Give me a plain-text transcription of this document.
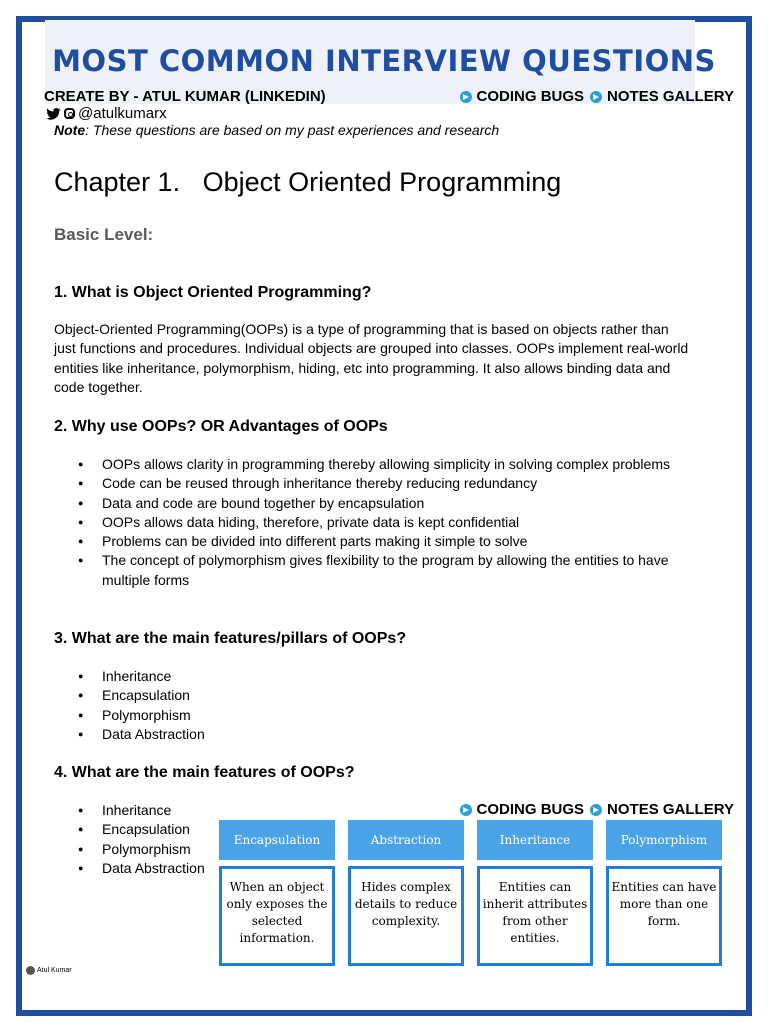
MOST COMMON INTERVIEW QUESTIONS
CREATE BY - ATUL KUMAR (LINKEDIN)	CODING BUGS NOTES GALLERY
@atulkumarx
Note: These questions are based on my past experiences and research
Chapter 1.   Object Oriented Programming
Basic Level:
1. What is Object Oriented Programming?
Object-Oriented Programming(OOPs) is a type of programming that is based on objects rather than just functions and procedures. Individual objects are grouped into classes. OOPs implement real-world entities like inheritance, polymorphism, hiding, etc into programming. It also allows binding data and code together.
2. Why use OOPs? OR Advantages of OOPs
● OOPs allows clarity in programming thereby allowing simplicity in solving complex problems
● Code can be reused through inheritance thereby reducing redundancy
● Data and code are bound together by encapsulation
● OOPs allows data hiding, therefore, private data is kept confidential
● Problems can be divided into different parts making it simple to solve
● The concept of polymorphism gives flexibility to the program by allowing the entities to have multiple forms
3. What are the main features/pillars of OOPs?
● Inheritance
● Encapsulation
● Polymorphism
● Data Abstraction
4. What are the main features of OOPs?
CODING BUGS NOTES GALLERY
● Inheritance
● Encapsulation
● Polymorphism
● Data Abstraction
Encapsulation
When an object only exposes the selected information.
Abstraction
Hides complex details to reduce complexity.
Inheritance
Entities can inherit attributes from other entities.
Polymorphism
Entities can have more than one form.
Atul Kumar
